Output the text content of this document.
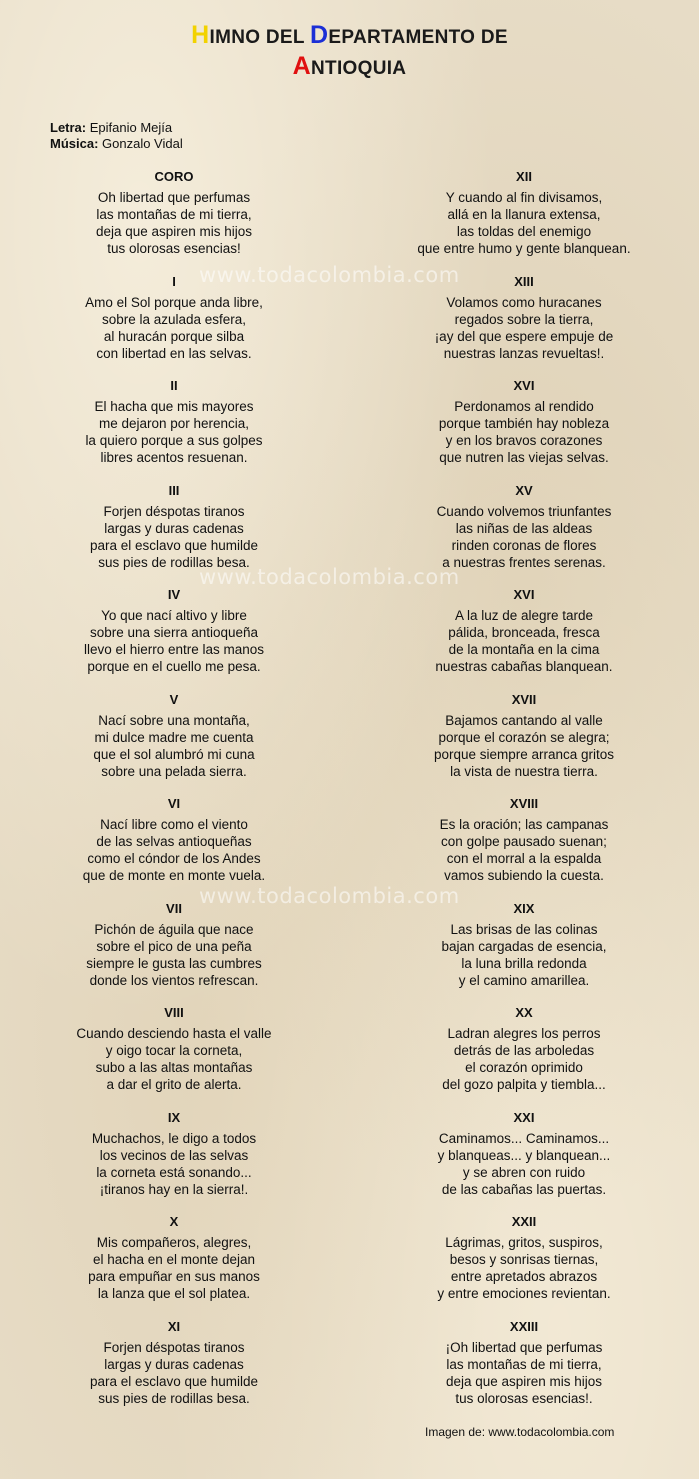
HIMNO DEL DEPARTAMENTO DE
ANTIOQUIA
Letra: Epifanio Mejía
Música: Gonzalo Vidal
CORO
Oh libertad que perfumas
las montañas de mi tierra,
deja que aspiren mis hijos
tus olorosas esencias!
I
Amo el Sol porque anda libre,
sobre la azulada esfera,
al huracán porque silba
con libertad en las selvas.
II
El hacha que mis mayores
me dejaron por herencia,
la quiero porque a sus golpes
libres acentos resuenan.
III
Forjen déspotas tiranos
largas y duras cadenas
para el esclavo que humilde
sus pies de rodillas besa.
IV
Yo que nací altivo y libre
sobre una sierra antioqueña
llevo el hierro entre las manos
porque en el cuello me pesa.
V
Nací sobre una montaña,
mi dulce madre me cuenta
que el sol alumbró mi cuna
sobre una pelada sierra.
VI
Nací libre como el viento
de las selvas antioqueñas
como el cóndor de los Andes
que de monte en monte vuela.
VII
Pichón de águila que nace
sobre el pico de una peña
siempre le gusta las cumbres
donde los vientos refrescan.
VIII
Cuando desciendo hasta el valle
y oigo tocar la corneta,
subo a las altas montañas
a dar el grito de alerta.
IX
Muchachos, le digo a todos
los vecinos de las selvas
la corneta está sonando...
¡tiranos hay en la sierra!.
X
Mis compañeros, alegres,
el hacha en el monte dejan
para empuñar en sus manos
la lanza que el sol platea.
XI
Forjen déspotas tiranos
largas y duras cadenas
para el esclavo que humilde
sus pies de rodillas besa.
XII
Y cuando al fin divisamos,
allá en la llanura extensa,
las toldas del enemigo
que entre humo y gente blanquean.
XIII
Volamos como huracanes
regados sobre la tierra,
¡ay del que espere empuje de
nuestras lanzas revueltas!.
XVI
Perdonamos al rendido
porque también hay nobleza
y en los bravos corazones
que nutren las viejas selvas.
XV
Cuando volvemos triunfantes
las niñas de las aldeas
rinden coronas de flores
a nuestras frentes serenas.
XVI
A la luz de alegre tarde
pálida, bronceada, fresca
de la montaña en la cima
nuestras cabañas blanquean.
XVII
Bajamos cantando al valle
porque el corazón se alegra;
porque siempre arranca gritos
la vista de nuestra tierra.
XVIII
Es la oración; las campanas
con golpe pausado suenan;
con el morral a la espalda
vamos subiendo la cuesta.
XIX
Las brisas de las colinas
bajan cargadas de esencia,
la luna brilla redonda
y el camino amarillea.
XX
Ladran alegres los perros
detrás de las arboledas
el corazón oprimido
del gozo palpita y tiembla...
XXI
Caminamos... Caminamos...
y blanqueas... y blanquean...
y se abren con ruido
de las cabañas las puertas.
XXII
Lágrimas, gritos, suspiros,
besos y sonrisas tiernas,
entre apretados abrazos
y entre emociones revientan.
XXIII
¡Oh libertad que perfumas
las montañas de mi tierra,
deja que aspiren mis hijos
tus olorosas esencias!.
www.todacolombia.com
www.todacolombia.com
www.todacolombia.com
Imagen de: www.todacolombia.com
